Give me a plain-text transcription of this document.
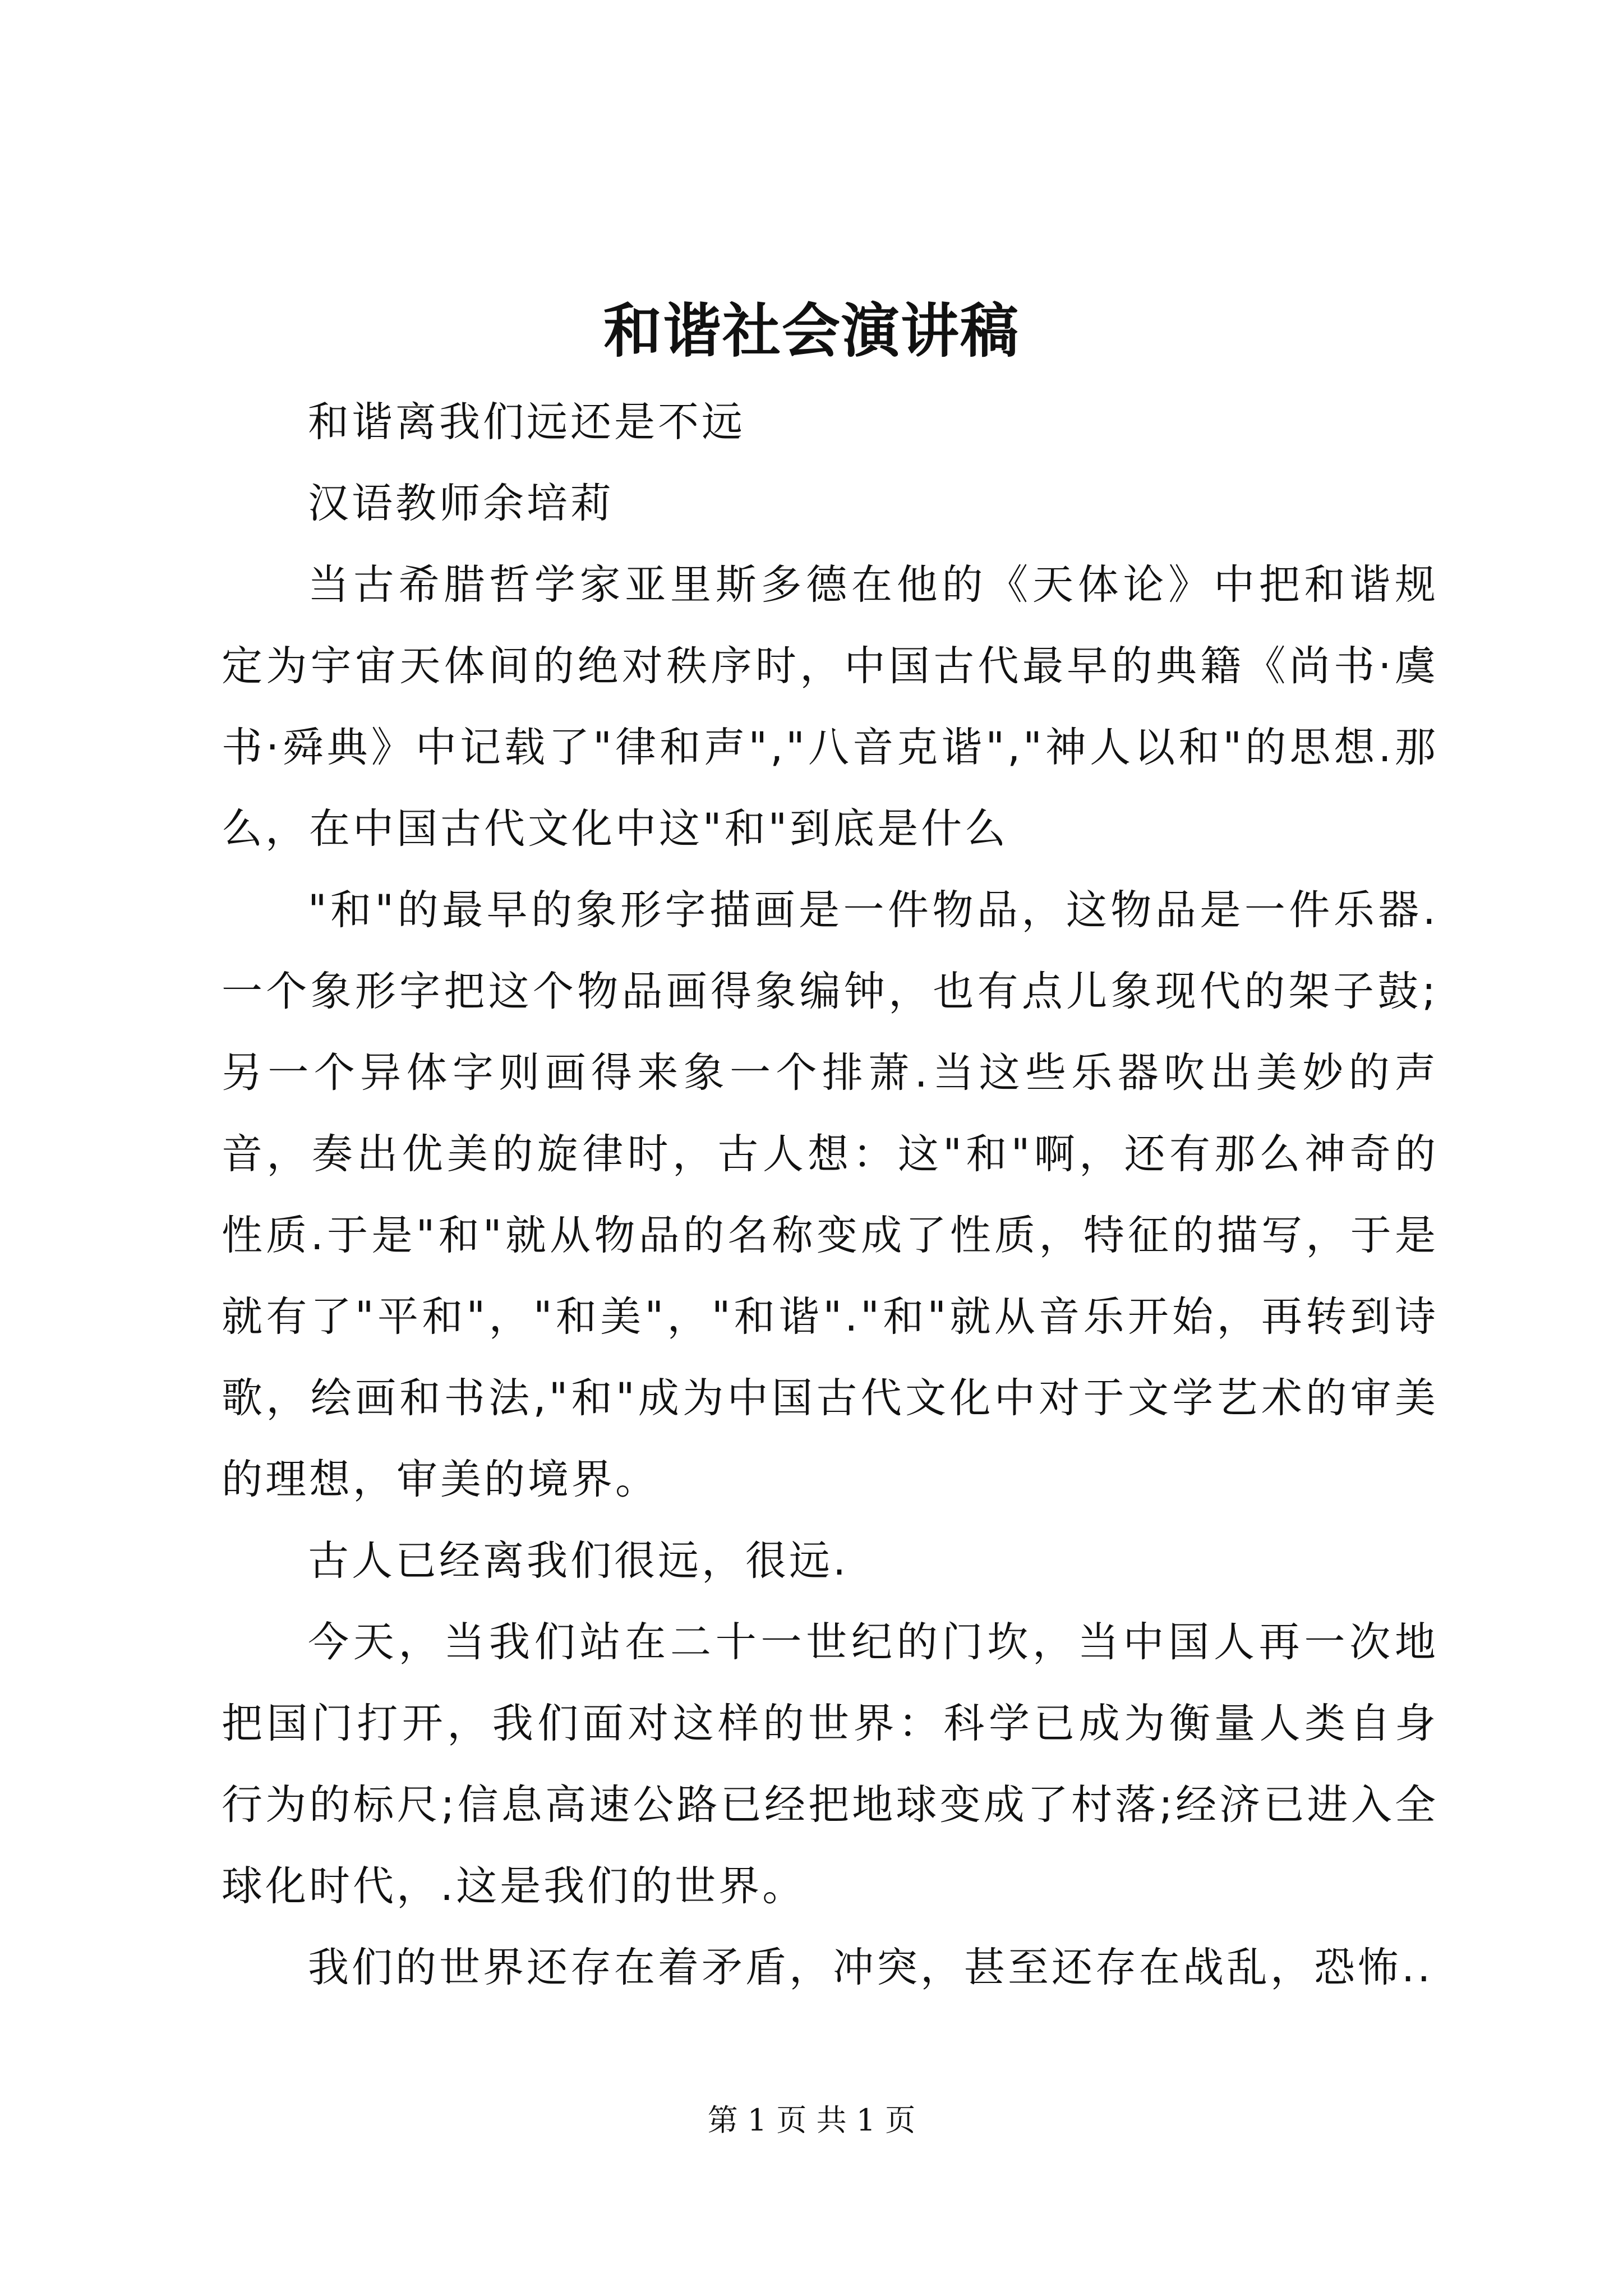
和谐社会演讲稿

和谐离我们远还是不远

汉语教师余培莉

当古希腊哲学家亚里斯多德在他的《天体论》中把和谐规定为宇宙天体间的绝对秩序时，中国古代最早的典籍《尚书·虞书·舜典》中记载了"律和声","八音克谐","神人以和"的思想.那么，在中国古代文化中这"和"到底是什么

"和"的最早的象形字描画是一件物品，这物品是一件乐器.一个象形字把这个物品画得象编钟，也有点儿象现代的架子鼓;另一个异体字则画得来象一个排萧.当这些乐器吹出美妙的声音，奏出优美的旋律时，古人想：这"和"啊，还有那么神奇的性质.于是"和"就从物品的名称变成了性质，特征的描写，于是就有了"平和"，"和美"，"和谐"."和"就从音乐开始，再转到诗歌，绘画和书法,"和"成为中国古代文化中对于文学艺术的审美的理想，审美的境界。

古人已经离我们很远，很远.

今天，当我们站在二十一世纪的门坎，当中国人再一次地把国门打开，我们面对这样的世界：科学已成为衡量人类自身行为的标尺;信息高速公路已经把地球变成了村落;经济已进入全球化时代，.这是我们的世界。

我们的世界还存在着矛盾，冲突，甚至还存在战乱，恐怖..

第 1 页 共 1 页
